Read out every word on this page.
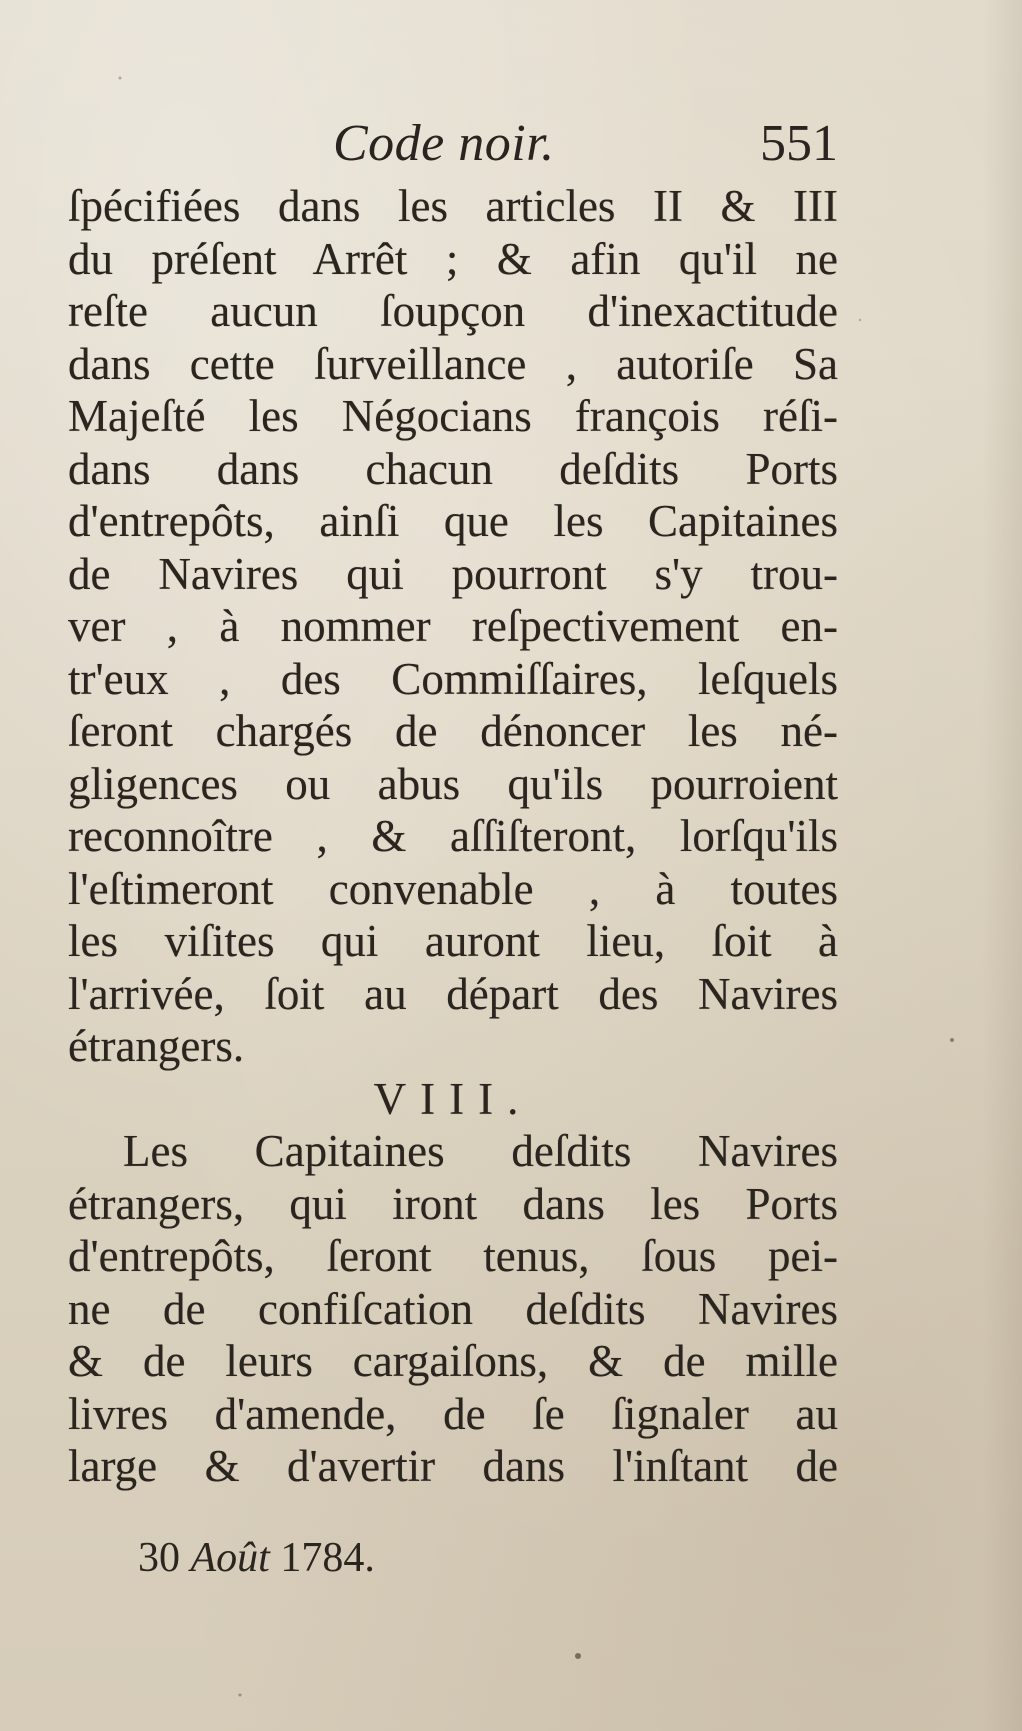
Code noir.	551
ſpécifiées dans les articles II & III
du préſent Arrêt ; & afin qu'il ne
reſte aucun ſoupçon d'inexactitude
dans cette ſurveillance , autoriſe Sa
Majeſté les Négocians françois réſi-
dans dans chacun deſdits Ports
d'entrepôts, ainſi que les Capitaines
de Navires qui pourront s'y trou-
ver , à nommer reſpectivement en-
tr'eux , des Commiſſaires, leſquels
ſeront chargés de dénoncer les né-
gligences ou abus qu'ils pourroient
reconnoître , & aſſiſteront, lorſqu'ils
l'eſtimeront convenable , à toutes
les viſites qui auront lieu, ſoit à
l'arrivée, ſoit au départ des Navires
étrangers.
VIII.
Les Capitaines deſdits Navires
étrangers, qui iront dans les Ports
d'entrepôts, ſeront tenus, ſous pei-
ne de confiſcation deſdits Navires
& de leurs cargaiſons, & de mille
livres d'amende, de ſe ſignaler au
large & d'avertir dans l'inſtant de
30 Août 1784.
